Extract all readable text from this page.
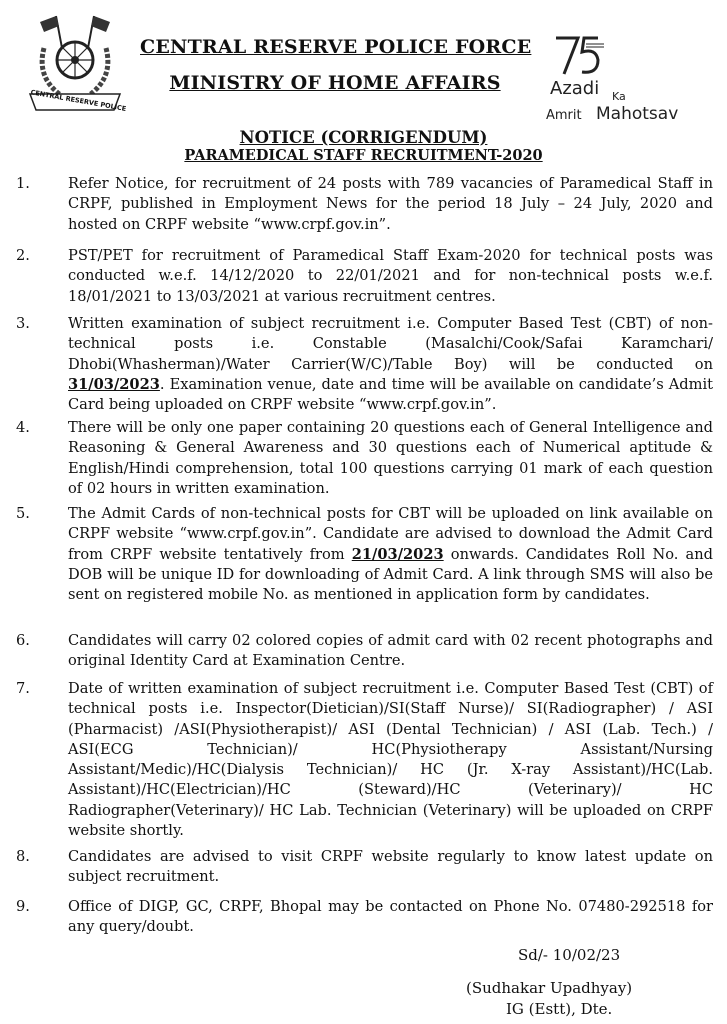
CENTRAL RESERVE POLICE
CENTRAL RESERVE POLICE FORCE
MINISTRY OF HOME AFFAIRS	Azadi Ka
Amrit Mahotsav
NOTICE (CORRIGENDUM)
PARAMEDICAL STAFF RECRUITMENT-2020
1.	Refer Notice, for recruitment of 24 posts with 789 vacancies of Paramedical Staff in CRPF, published in Employment News for the period 18 July – 24 July, 2020 and hosted on CRPF website “www.crpf.gov.in”.
2.	PST/PET for recruitment of Paramedical Staff Exam-2020 for technical posts was conducted w.e.f. 14/12/2020 to 22/01/2021 and for non-technical posts w.e.f. 18/01/2021 to 13/03/2021 at various recruitment centres.
3.	Written examination of subject recruitment i.e. Computer Based Test (CBT) of non-technical posts i.e. Constable (Masalchi/Cook/Safai Karamchari/ Dhobi(Whasherman)/Water Carrier(W/C)/Table Boy) will be conducted on 31/03/2023. Examination venue, date and time will be available on candidate’s Admit Card being uploaded on CRPF website “www.crpf.gov.in”.
4.	There will be only one paper containing 20 questions each of General Intelligence and Reasoning & General Awareness and 30 questions each of Numerical aptitude & English/Hindi comprehension, total 100 questions carrying 01 mark of each question of 02 hours in written examination.
5.	The Admit Cards of non-technical posts for CBT will be uploaded on link available on CRPF website “www.crpf.gov.in”. Candidate are advised to download the Admit Card from CRPF website tentatively from 21/03/2023 onwards. Candidates Roll No. and DOB will be unique ID for downloading of Admit Card. A link through SMS will also be sent on registered mobile No. as mentioned in application form by candidates.
6.	Candidates will carry 02 colored copies of admit card with 02 recent photographs and original Identity Card at Examination Centre.
7.	Date of written examination of subject recruitment i.e. Computer Based Test (CBT) of technical posts i.e. Inspector(Dietician)/SI(Staff Nurse)/ SI(Radiographer) / ASI (Pharmacist) /ASI(Physiotherapist)/ ASI (Dental Technician) / ASI (Lab. Tech.) / ASI(ECG Technician)/ HC(Physiotherapy Assistant/Nursing Assistant/Medic)/HC(Dialysis Technician)/ HC (Jr. X-ray Assistant)/HC(Lab. Assistant)/HC(Electrician)/HC (Steward)/HC (Veterinary)/ HC Radiographer(Veterinary)/ HC Lab. Technician (Veterinary) will be uploaded on CRPF website shortly.
8.	Candidates are advised to visit CRPF website regularly to know latest update on subject recruitment.
9.	Office of DIGP, GC, CRPF, Bhopal may be contacted on Phone No. 07480-292518 for any query/doubt.
Sd/- 10/02/23
(Sudhakar Upadhyay)
IG (Estt), Dte.
